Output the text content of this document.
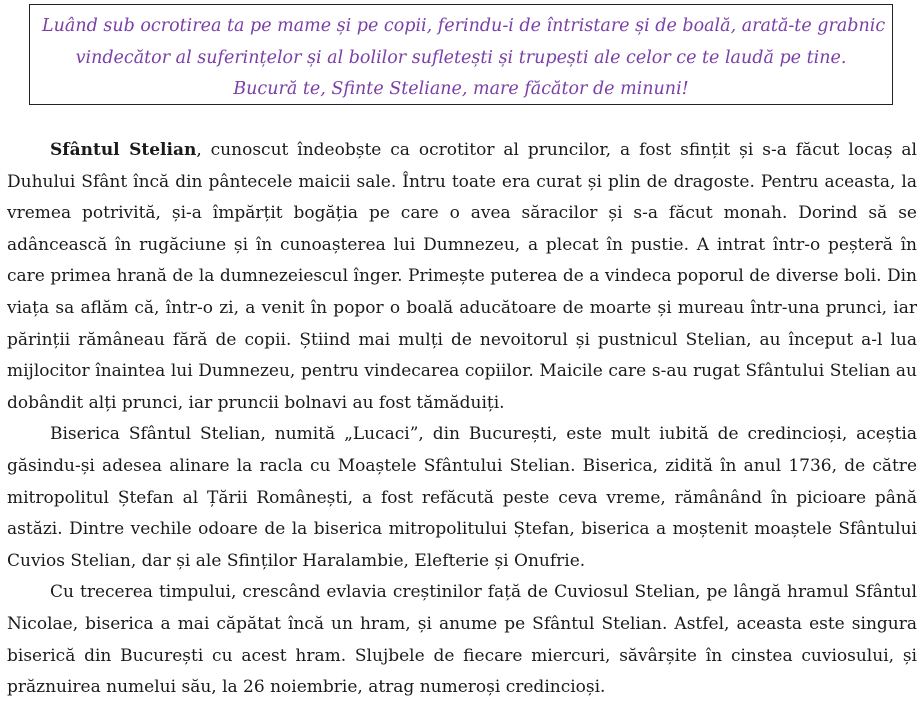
Luând sub ocrotirea ta pe mame și pe copii, ferindu-i de întristare și de boală, arată-te grabnic
vindecător al suferințelor și al bolilor sufletești și trupești ale celor ce te laudă pe tine.
Bucură te, Sfinte Steliane, mare făcător de minuni!

Sfântul Stelian, cunoscut îndeobște ca ocrotitor al pruncilor, a fost sfințit și s-a făcut locaș al Duhului Sfânt încă din pântecele maicii sale. Întru toate era curat și plin de dragoste. Pentru aceasta, la vremea potrivită, și-a împărțit bogăția pe care o avea săracilor și s-a făcut monah. Dorind să se adâncească în rugăciune și în cunoașterea lui Dumnezeu, a plecat în pustie. A intrat într-o peșteră în care primea hrană de la dumnezeiescul înger. Primește puterea de a vindeca poporul de diverse boli. Din viața sa aflăm că, într-o zi, a venit în popor o boală aducătoare de moarte și mureau într-una prunci, iar părinții rămâneau fără de copii. Știind mai mulți de nevoitorul și pustnicul Stelian, au început a-l lua mijlocitor înaintea lui Dumnezeu, pentru vindecarea copiilor. Maicile care s-au rugat Sfântului Stelian au dobândit alți prunci, iar pruncii bolnavi au fost tămăduiți.

Biserica Sfântul Stelian, numită „Lucaci”, din București, este mult iubită de credincioși, aceștia găsindu-și adesea alinare la racla cu Moaștele Sfântului Stelian. Biserica, zidită în anul 1736, de către mitropolitul Ștefan al Țării Românești, a fost refăcută peste ceva vreme, rămânând în picioare până astăzi. Dintre vechile odoare de la biserica mitropolitului Ștefan, biserica a moștenit moaștele Sfântului Cuvios Stelian, dar și ale Sfinților Haralambie, Elefterie și Onufrie.

Cu trecerea timpului, crescând evlavia creștinilor față de Cuviosul Stelian, pe lângă hramul Sfântul Nicolae, biserica a mai căpătat încă un hram, și anume pe Sfântul Stelian. Astfel, aceasta este singura biserică din București cu acest hram. Slujbele de fiecare miercuri, săvârșite în cinstea cuviosului, și prăznuirea numelui său, la 26 noiembrie, atrag numeroși credincioși.
